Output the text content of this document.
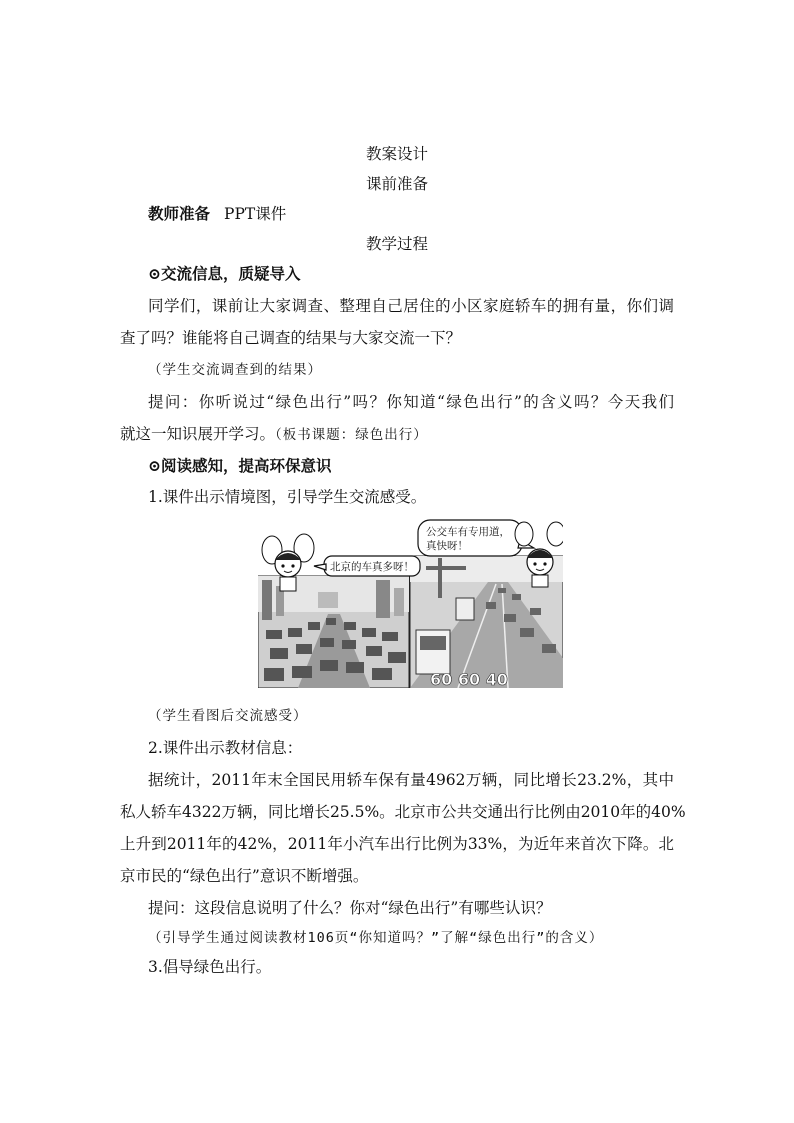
教案设计
课前准备
教师准备 PPT课件
教学过程
⊙交流信息，质疑导入
同学们，课前让大家调查、整理自己居住的小区家庭轿车的拥有量，你们调
查了吗？谁能将自己调查的结果与大家交流一下？
（学生交流调查到的结果）
提问：你听说过“绿色出行”吗？你知道“绿色出行”的含义吗？今天我们
就这一知识展开学习。（板书课题：绿色出行）
⊙阅读感知，提高环保意识
1.课件出示情境图，引导学生交流感受。
60 60 40
北京的车真多呀！
公交车有专用道，
真快呀！
（学生看图后交流感受）
2.课件出示教材信息：
据统计，2011年末全国民用轿车保有量4962万辆，同比增长23.2%，其中
私人轿车4322万辆，同比增长25.5%。北京市公共交通出行比例由2010年的40%
上升到2011年的42%，2011年小汽车出行比例为33%，为近年来首次下降。北
京市民的“绿色出行”意识不断增强。
提问：这段信息说明了什么？你对“绿色出行”有哪些认识？
（引导学生通过阅读教材106页“你知道吗？”了解“绿色出行”的含义）
3.倡导绿色出行。
